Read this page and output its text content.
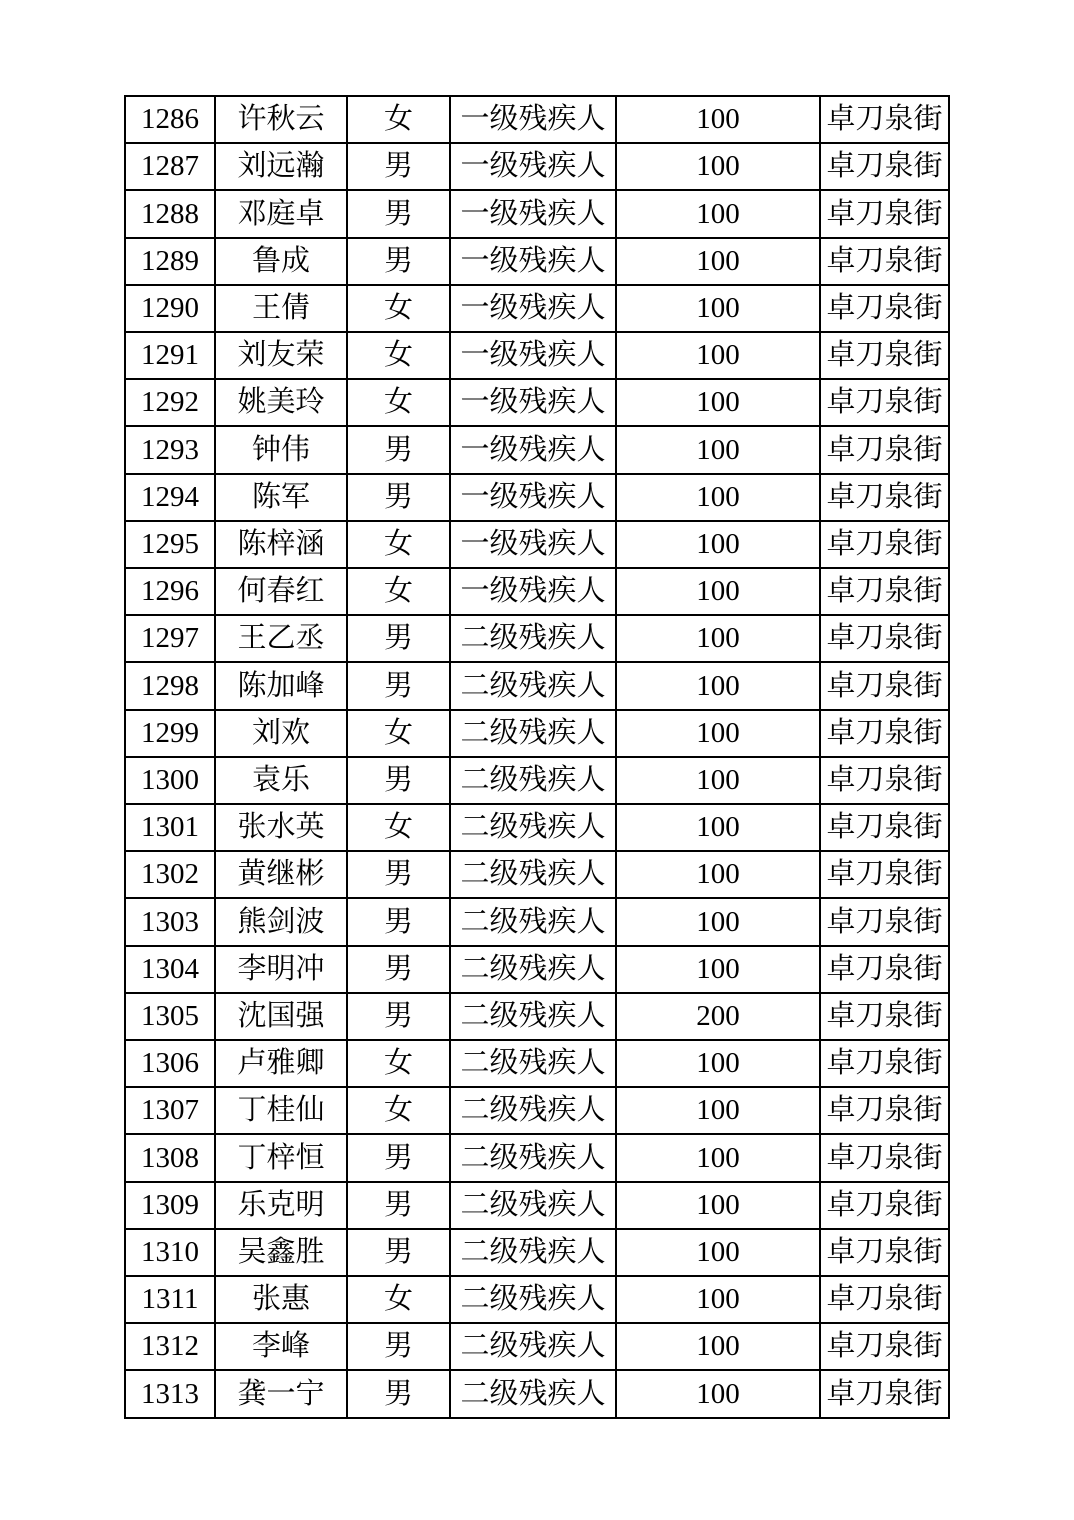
1286	许秋云	女	一级残疾人	100	卓刀泉街
1287	刘远瀚	男	一级残疾人	100	卓刀泉街
1288	邓庭卓	男	一级残疾人	100	卓刀泉街
1289	鲁成	男	一级残疾人	100	卓刀泉街
1290	王倩	女	一级残疾人	100	卓刀泉街
1291	刘友荣	女	一级残疾人	100	卓刀泉街
1292	姚美玲	女	一级残疾人	100	卓刀泉街
1293	钟伟	男	一级残疾人	100	卓刀泉街
1294	陈军	男	一级残疾人	100	卓刀泉街
1295	陈梓涵	女	一级残疾人	100	卓刀泉街
1296	何春红	女	一级残疾人	100	卓刀泉街
1297	王乙丞	男	二级残疾人	100	卓刀泉街
1298	陈加峰	男	二级残疾人	100	卓刀泉街
1299	刘欢	女	二级残疾人	100	卓刀泉街
1300	袁乐	男	二级残疾人	100	卓刀泉街
1301	张水英	女	二级残疾人	100	卓刀泉街
1302	黄继彬	男	二级残疾人	100	卓刀泉街
1303	熊剑波	男	二级残疾人	100	卓刀泉街
1304	李明冲	男	二级残疾人	100	卓刀泉街
1305	沈国强	男	二级残疾人	200	卓刀泉街
1306	卢雅卿	女	二级残疾人	100	卓刀泉街
1307	丁桂仙	女	二级残疾人	100	卓刀泉街
1308	丁梓恒	男	二级残疾人	100	卓刀泉街
1309	乐克明	男	二级残疾人	100	卓刀泉街
1310	吴鑫胜	男	二级残疾人	100	卓刀泉街
1311	张惠	女	二级残疾人	100	卓刀泉街
1312	李峰	男	二级残疾人	100	卓刀泉街
1313	龚一宁	男	二级残疾人	100	卓刀泉街
